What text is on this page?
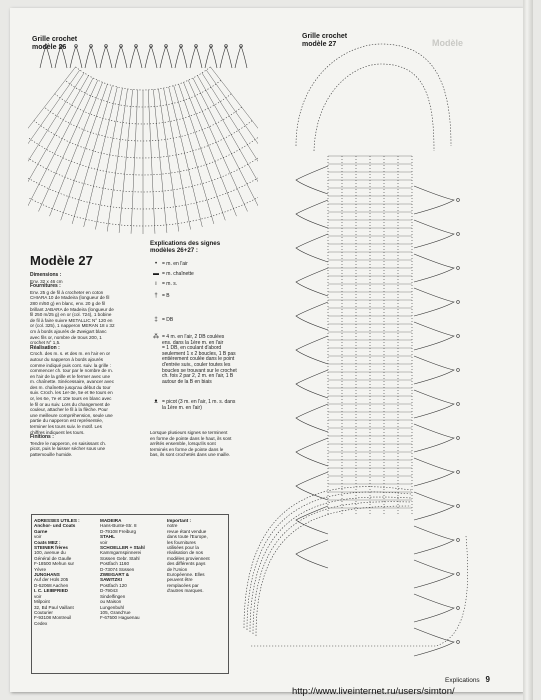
Modèle
Grille crochet
modèle 26
Grille crochet
modèle 27
Modèle 27
Dimensions :
Env. 32 x 46 cm
Fournitures :
Env. 25 g de fil à crocheter en coton
CHIARA 10 de Madeira (longueur de fil
280 m/50 g) en blanc, env. 20 g de fil
brillant JABARA de Madeira (longueur de
fil 250 m/25 g) en or (col. 724), 1 bobine
de fil à faire suivre METALLIC N° 120 en
or (col. 325), 1 napperon MERAN 18 x 32
cm à bords ajourés de Zweigart blanc
avec fils or, nombre de trous 200, 1
crochet N° 1,5.
Réalisation :
Croch. des m. s. et des m. en l'air en or
autour du napperon à bords ajourés
comme indiqué puis cont. suiv. la grille :
commencer ch. tour par le nombre de m.
en l'air de la grille et le fermer avec une
m. chaînette. Sinécessaire, avancer avec
des m. chaînette jusqu'au début du tour
suiv. Croch. les 1er-3e, 5e et 9e tours en
or, les 6e, 7e et 10e tours en blanc avec
le fil or au suiv. Lors du changement de
couleur, attacher le fil à la flèche. Pour
une meilleure compréhension, seule une
partie du napperon est représentée,
terminer les tours suiv. le motif. Les
chiffres indiquent les tours.
Finitions :
Tendre le napperon, en saisissant ch.
picot, puis le laisser sécher sous une
pattemouille humide.
Explications des signes
modèles 26+27 :
• = m. en l'air
▬ = m. chaînette
ı	= m. s.
† = B
‡ = DB
⁂ = 4 m. en l'air, 2 DB coulées
ens. dans la 1ère m. en l'air
= 1 DB, en coulant d'abord
seulement 1 x 2 boucles, 1 B pas
entièrement coulée dans le point
d'entrée suiv., couler toutes les
boucles se trouvant sur le crochet
ch. fois 2 par 2, 2 m. en l'air, 1 B
autour de la B en biais
ᴥ = picot (3 m. en l'air, 1 m. s. dans
la 1ère m. en l'air)
Lorsque plusieurs signes se terminent
en forme de pointe dans le haut, ils sont
arrêtés ensemble, lorsqu'ils sont
terminés en forme de pointe dans le
bas, ils sont crochetés dans une maille.
ADRESSES UTILES :
Anchor- und Coats
Garne
voir
Coats MEZ :
STEINER frères
100, avenue du
Général de Gaulle
F-18500 Mehun sur
Yèvre
JUNGHANS
Auf der Hüls 205
D-52068 Aachen
I. C. LEIBFRIED
voir
Milpoint
32, Bd Paul Vaillant
Couturier
F-93108 Montreuil
Cedex
MADEIRA
Hans-Bunte-Str. 8
D-79108 Freiburg
STAHL
voir
SCHOELLER + Stahl
Kammgarnspinnerei
Süssen Gebr. Stahl
Postfach 1160
D-73074 Süssen
ZWEIGART &
SAWITZKI
Postfach 120
D-79043
Sindelfingen
ou Maison
Lungenbuhl
105, Grand'rue
F-67500 Haguenau
Important :
notre
revue étant vendue
dans toute l'Europe,
les fournitures
utilisées pour la
réalisation de nos
modèles proviennent
des différents pays
de l'Union
Européenne. Elles
peuvent être
remplacées par
d'autres marques.
Explications 9
http://www.liveinternet.ru/users/simton/
